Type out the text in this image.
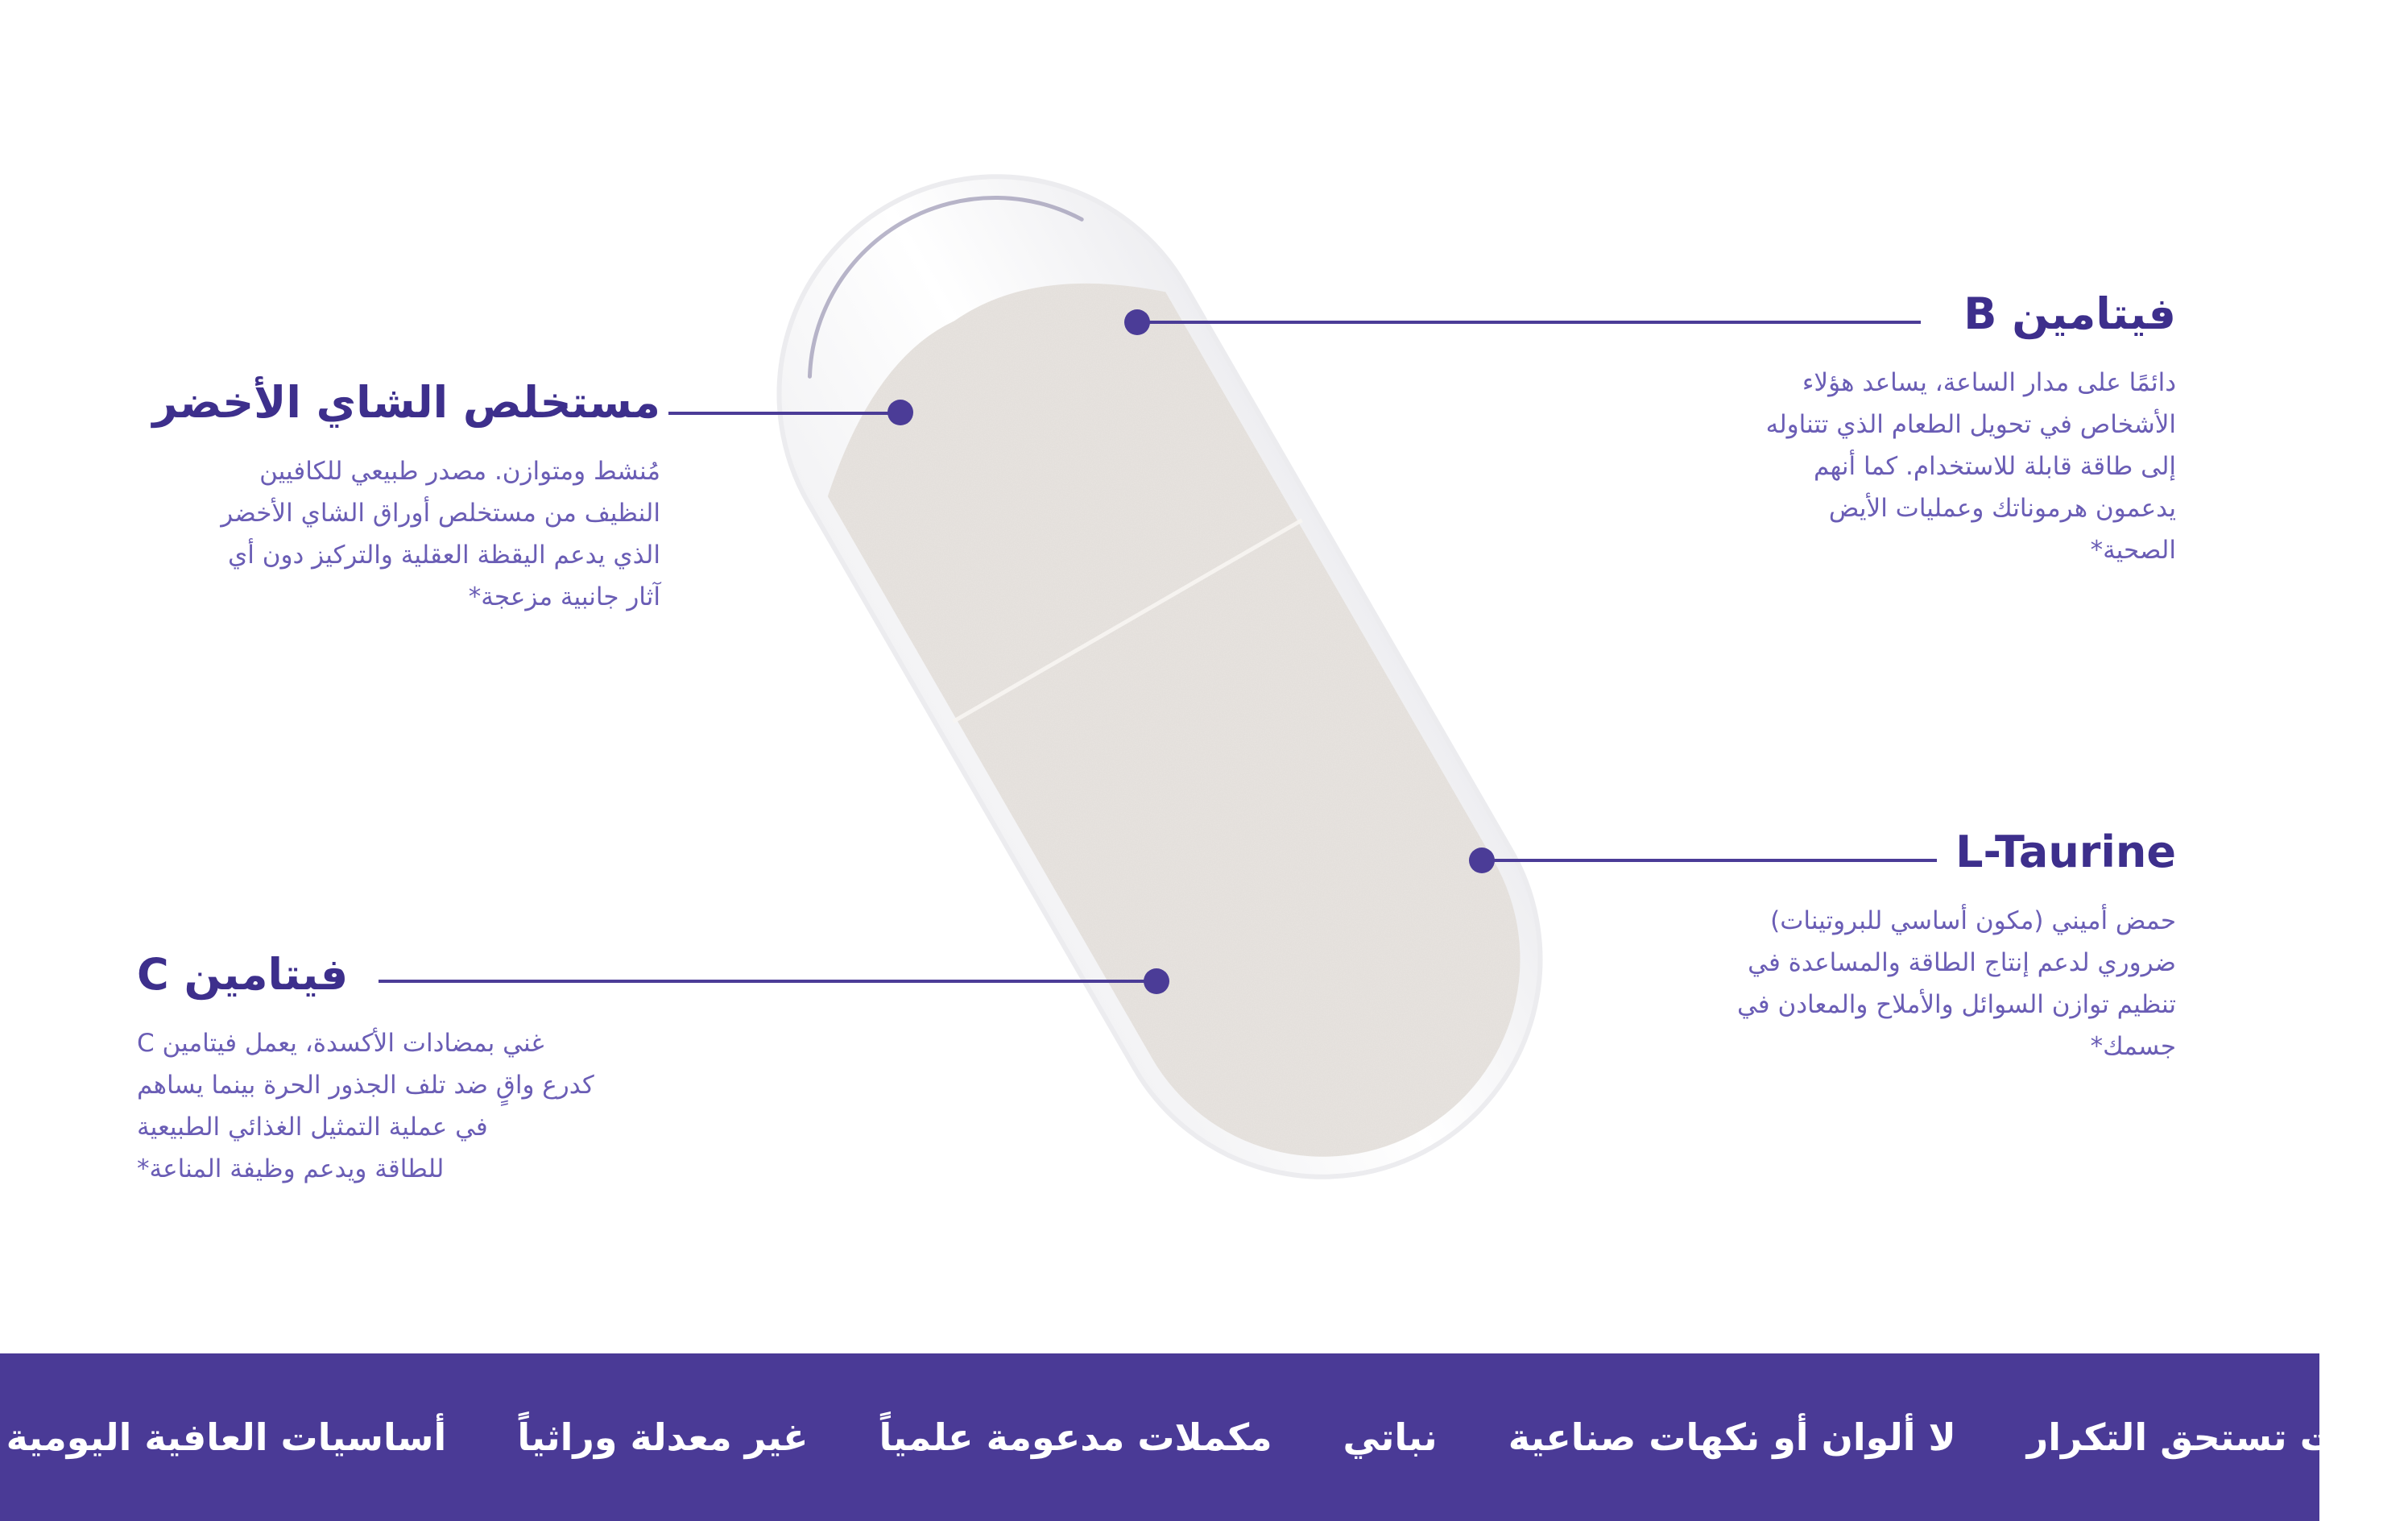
مستخلص الشاي الأخضر

مُنشط ومتوازن. مصدر طبيعي للكافيين
النظيف من مستخلص أوراق الشاي الأخضر
الذي يدعم اليقظة العقلية والتركيز دون أي
آثار جانبية مزعجة*

فيتامين B

دائمًا على مدار الساعة، يساعد هؤلاء
الأشخاص في تحويل الطعام الذي تتناوله
إلى طاقة قابلة للاستخدام. كما أنهم
يدعمون هرموناتك وعمليات الأيض
الصحية*

L-Taurine

حمض أميني (مكون أساسي للبروتينات)
ضروري لدعم إنتاج الطاقة والمساعدة في
تنظيم توازن السوائل والأملاح والمعادن في
جسمك*

فيتامين C

غني بمضادات الأكسدة، يعمل فيتامين C
كدرع واقٍ ضد تلف الجذور الحرة بينما يساهم
في عملية التمثيل الغذائي الطبيعية
للطاقة ويدعم وظيفة المناعة*

أساسيات العافية اليومية غير معدلة وراثياً مكملات مدعومة علمياً نباتي لا ألوان أو نكهات صناعية عادات تستحق التكرار
